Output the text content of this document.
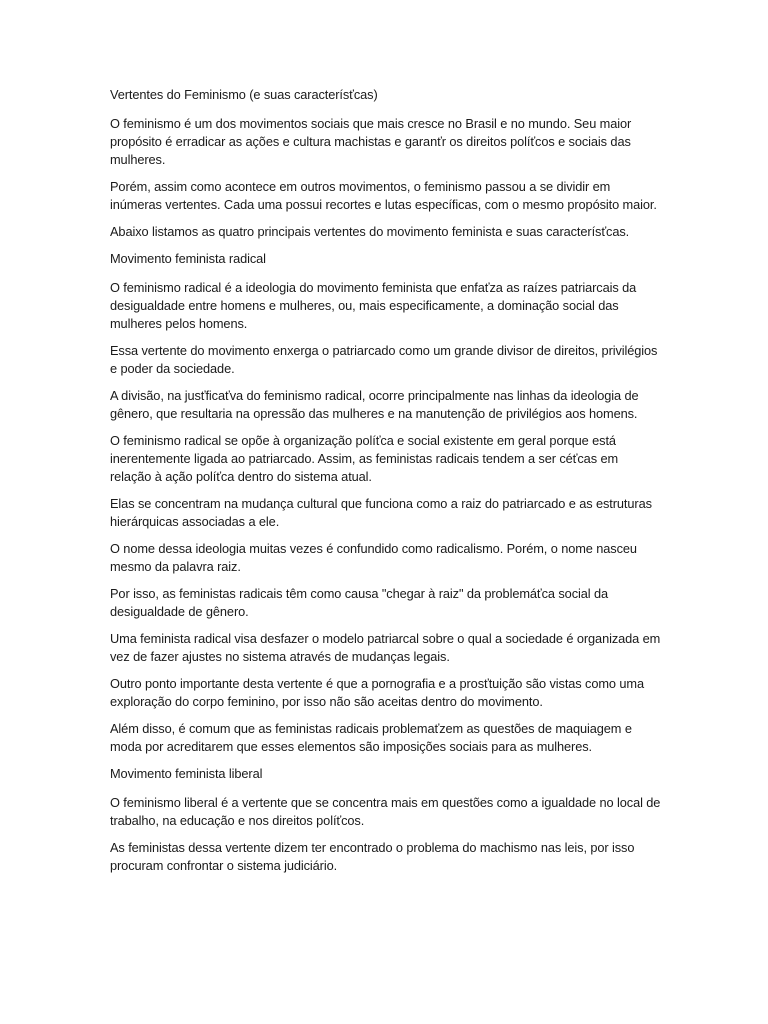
Vertentes do Feminismo (e suas caracterísťcas)

O feminismo é um dos movimentos sociais que mais cresce no Brasil e no mundo. Seu maior propósito é erradicar as ações e cultura machistas e garanťr os direitos políťcos e sociais das mulheres.

Porém, assim como acontece em outros movimentos, o feminismo passou a se dividir em inúmeras vertentes. Cada uma possui recortes e lutas específicas, com o mesmo propósito maior.

Abaixo listamos as quatro principais vertentes do movimento feminista e suas caracterísťcas.

Movimento feminista radical

O feminismo radical é a ideologia do movimento feminista que enfaťza as raízes patriarcais da desigualdade entre homens e mulheres, ou, mais especificamente, a dominação social das mulheres pelos homens.

Essa vertente do movimento enxerga o patriarcado como um grande divisor de direitos, privilégios e poder da sociedade.

A divisão, na jusťficaťva do feminismo radical, ocorre principalmente nas linhas da ideologia de gênero, que resultaria na opressão das mulheres e na manutenção de privilégios aos homens.

O feminismo radical se opõe à organização políťca e social existente em geral porque está inerentemente ligada ao patriarcado. Assim, as feministas radicais tendem a ser céťcas em relação à ação políťca dentro do sistema atual.

Elas se concentram na mudança cultural que funciona como a raiz do patriarcado e as estruturas hierárquicas associadas a ele.

O nome dessa ideologia muitas vezes é confundido como radicalismo. Porém, o nome nasceu mesmo da palavra raiz.

Por isso, as feministas radicais têm como causa "chegar à raiz" da problemáťca social da desigualdade de gênero.

Uma feminista radical visa desfazer o modelo patriarcal sobre o qual a sociedade é organizada em vez de fazer ajustes no sistema através de mudanças legais.

Outro ponto importante desta vertente é que a pornografia e a prosťtuição são vistas como uma exploração do corpo feminino, por isso não são aceitas dentro do movimento.

Além disso, é comum que as feministas radicais problemaťzem as questões de maquiagem e moda por acreditarem que esses elementos são imposições sociais para as mulheres.

Movimento feminista liberal

O feminismo liberal é a vertente que se concentra mais em questões como a igualdade no local de trabalho, na educação e nos direitos políťcos.

As feministas dessa vertente dizem ter encontrado o problema do machismo nas leis, por isso procuram confrontar o sistema judiciário.
